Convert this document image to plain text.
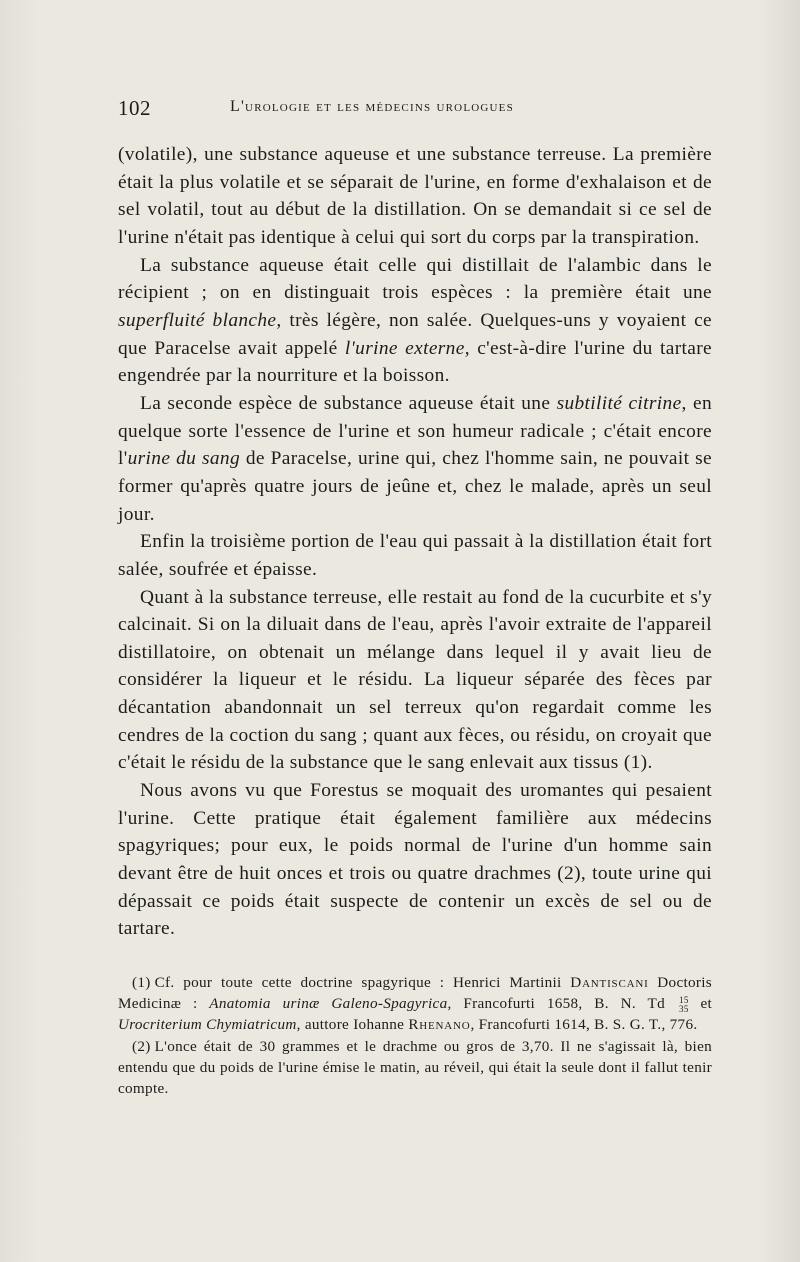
102	L'urologie et les médecins urologues

(volatile), une substance aqueuse et une substance terreuse. La première était la plus volatile et se séparait de l'urine, en forme d'exhalaison et de sel volatil, tout au début de la distillation. On se demandait si ce sel de l'urine n'était pas identique à celui qui sort du corps par la transpiration.

La substance aqueuse était celle qui distillait de l'alambic dans le récipient ; on en distinguait trois espèces : la première était une superfluité blanche, très légère, non salée. Quelques-uns y voyaient ce que Paracelse avait appelé l'urine externe, c'est-à-dire l'urine du tartare engendrée par la nourriture et la boisson.

La seconde espèce de substance aqueuse était une subtilité citrine, en quelque sorte l'essence de l'urine et son humeur radicale ; c'était encore l'urine du sang de Paracelse, urine qui, chez l'homme sain, ne pouvait se former qu'après quatre jours de jeûne et, chez le malade, après un seul jour.

Enfin la troisième portion de l'eau qui passait à la distillation était fort salée, soufrée et épaisse.

Quant à la substance terreuse, elle restait au fond de la cucurbite et s'y calcinait. Si on la diluait dans de l'eau, après l'avoir extraite de l'appareil distillatoire, on obtenait un mélange dans lequel il y avait lieu de considérer la liqueur et le résidu. La liqueur séparée des fèces par décantation abandonnait un sel terreux qu'on regardait comme les cendres de la coction du sang ; quant aux fèces, ou résidu, on croyait que c'était le résidu de la substance que le sang enlevait aux tissus (1).

Nous avons vu que Forestus se moquait des uromantes qui pesaient l'urine. Cette pratique était également familière aux médecins spagyriques; pour eux, le poids normal de l'urine d'un homme sain devant être de huit onces et trois ou quatre drachmes (2), toute urine qui dépassait ce poids était suspecte de contenir un excès de sel ou de tartare.

(1) Cf. pour toute cette doctrine spagyrique : Henrici Martinii Dantiscani Doctoris Medicinæ : Anatomia urinæ Galeno-Spagyrica, Francofurti 1658, B. N. Td	15
35 et Urocriterium Chymiatricum, auttore Iohanne Rhenano, Francofurti 1614, B. S. G. T., 776.

(2) L'once était de 30 grammes et le drachme ou gros de 3,70. Il ne s'agissait là, bien entendu que du poids de l'urine émise le matin, au réveil, qui était la seule dont il fallut tenir compte.
